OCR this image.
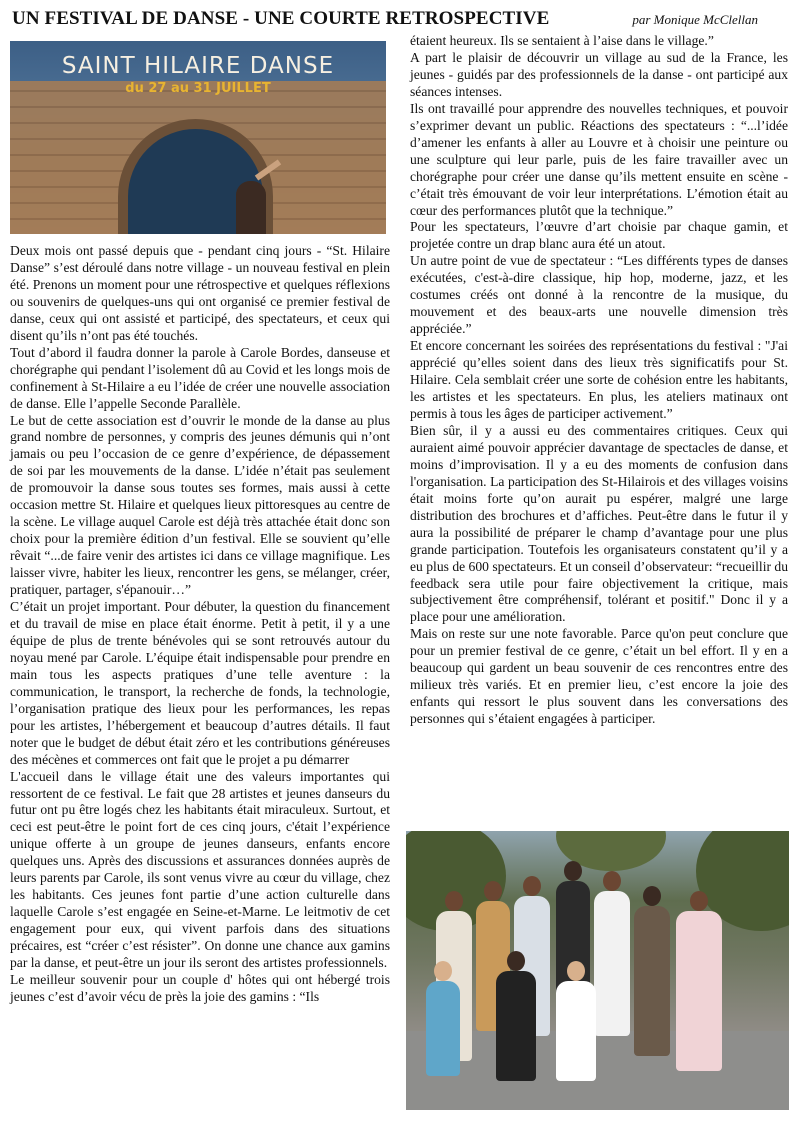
UN FESTIVAL DE DANSE - UNE COURTE RETROSPECTIVE	par Monique McClellan
SAINT HILAIRE DANSE
du 27 au 31 JUILLET

Deux mois ont passé depuis que - pendant cinq jours - “St. Hilaire Danse” s’est déroulé dans notre village - un nouveau festival en plein été. Prenons un moment pour une rétrospective et quelques réflexions ou souvenirs de quelques-uns qui ont organisé ce premier festival de danse, ceux qui ont assisté et participé, des spectateurs, et ceux qui disent qu’ils n’ont pas été touchés.

Tout d’abord il faudra donner la parole à Carole Bordes, danseuse et chorégraphe qui pendant l’isolement dû au Covid et les longs mois de confinement à St-Hilaire a eu l’idée de créer une nouvelle association de danse. Elle l’appelle Seconde Parallèle.

Le but de cette association est d’ouvrir le monde de la danse au plus grand nombre de personnes, y compris des jeunes démunis qui n’ont jamais ou peu l’occasion de ce genre d’expérience, de dépassement de soi par les mouvements de la danse. L’idée n’était pas seulement de promouvoir la danse sous toutes ses formes, mais aussi à cette occasion mettre St. Hilaire et quelques lieux pittoresques au centre de la scène. Le village auquel Carole est déjà très attachée était donc son choix pour la première édition d’un festival. Elle se souvient qu’elle rêvait “...de faire venir des artistes ici dans ce village magnifique. Les laisser vivre, habiter les lieux, rencontrer les gens, se mélanger, créer, pratiquer, partager, s'épanouir…”

C’était un projet important. Pour débuter, la question du financement et du travail de mise en place était énorme. Petit à petit, il y a une équipe de plus de trente bénévoles qui se sont retrouvés autour du noyau mené par Carole. L’équipe était indispensable pour prendre en main tous les aspects pratiques d’une telle aventure : la communication, le transport, la recherche de fonds, la technologie, l’organisation pratique des lieux pour les performances, les repas pour les artistes, l’hébergement et beaucoup d’autres détails. Il faut noter que le budget de début était zéro et les contributions généreuses des mécènes et commerces ont fait que le projet a pu démarrer

L'accueil dans le village était une des valeurs importantes qui ressortent de ce festival. Le fait que 28 artistes et jeunes danseurs du futur ont pu être logés chez les habitants était miraculeux. Surtout, et ceci est peut-être le point fort de ces cinq jours, c'était l’expérience unique offerte à un groupe de jeunes danseurs, enfants encore quelques uns. Après des discussions et assurances données auprès de leurs parents par Carole, ils sont venus vivre au cœur du village, chez les habitants. Ces jeunes font partie d’une action culturelle dans laquelle Carole s’est engagée en Seine-et-Marne. Le leitmotiv de cet engagement pour eux, qui vivent parfois dans des situations précaires, est “créer c’est résister”. On donne une chance aux gamins par la danse, et peut-être un jour ils seront des artistes professionnels.

Le meilleur souvenir pour un couple d' hôtes qui ont hébergé trois jeunes c’est d’avoir vécu de près la joie des gamins : “Ils

étaient heureux. Ils se sentaient à l’aise dans le village.”

A part le plaisir de découvrir un village au sud de la France, les jeunes - guidés par des professionnels de la danse - ont participé aux séances intenses.

Ils ont travaillé pour apprendre des nouvelles techniques, et pouvoir s’exprimer devant un public. Réactions des spectateurs : “...l’idée d’amener les enfants à aller au Louvre et à choisir une peinture ou une sculpture qui leur parle, puis de les faire travailler avec un chorégraphe pour créer une danse qu’ils mettent ensuite en scène - c’était très émouvant de voir leur interprétations. L’émotion était au cœur des performances plutôt que la technique.”

Pour les spectateurs, l’œuvre d’art choisie par chaque gamin, et projetée contre un drap blanc aura été un atout.

Un autre point de vue de spectateur : “Les différents types de danses exécutées, c'est-à-dire classique, hip hop, moderne, jazz, et les costumes créés ont donné à la rencontre de la musique, du mouvement et des beaux-arts une nouvelle dimension très appréciée.”

Et encore concernant les soirées des représentations du festival : "J'ai apprécié qu’elles soient dans des lieux très significatifs pour St. Hilaire. Cela semblait créer une sorte de cohésion entre les habitants, les artistes et les spectateurs. En plus, les ateliers matinaux ont permis à tous les âges de participer activement.”

Bien sûr, il y a aussi eu des commentaires critiques. Ceux qui auraient aimé pouvoir apprécier davantage de spectacles de danse, et moins d’improvisation. Il y a eu des moments de confusion dans l'organisation. La participation des St-Hilairois et des villages voisins était moins forte qu’on aurait pu espérer, malgré une large distribution des brochures et d’affiches. Peut-être dans le futur il y aura la possibilité de préparer le champ d’avantage pour une plus grande participation. Toutefois les organisateurs constatent qu’il y a eu plus de 600 spectateurs. Et un conseil d’observateur: “recueillir du feedback sera utile pour faire objectivement la critique, mais subjectivement être compréhensif, tolérant et positif." Donc il y a place pour une amélioration.

Mais on reste sur une note favorable. Parce qu'on peut conclure que pour un premier festival de ce genre, c’était un bel effort. Il y en a beaucoup qui gardent un beau souvenir de ces rencontres entre des milieux très variés. Et en premier lieu, c’est encore la joie des enfants qui ressort le plus souvent dans les conversations des personnes qui s’étaient engagées à participer.
